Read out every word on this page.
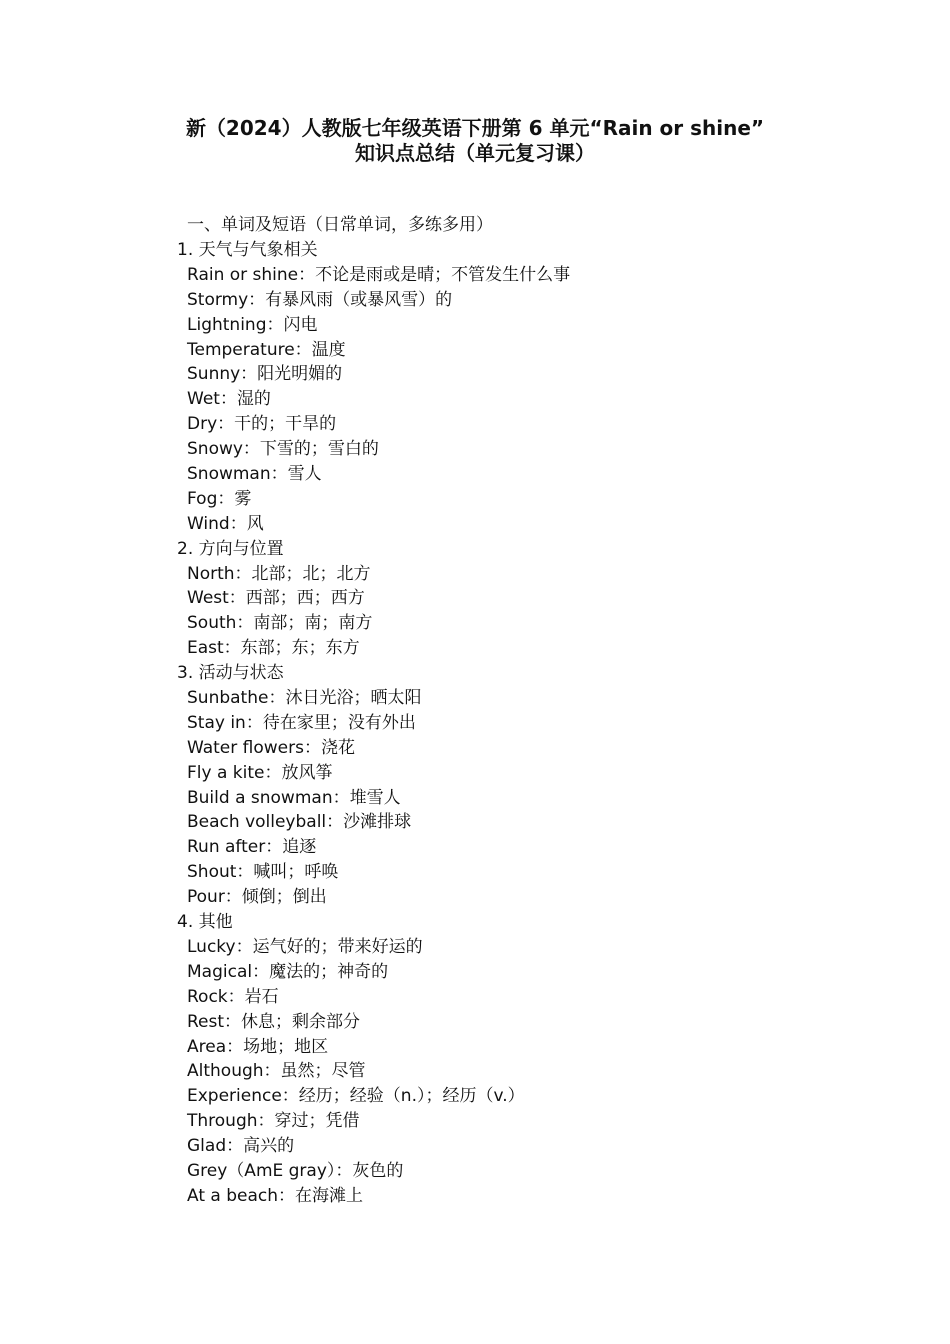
新（2024）人教版七年级英语下册第 6 单元“Rain or shine”
知识点总结（单元复习课）
一、单词及短语（日常单词，多练多用）
1. 天气与气象相关
Rain or shine：不论是雨或是晴；不管发生什么事
Stormy：有暴风雨（或暴风雪）的
Lightning：闪电
Temperature：温度
Sunny：阳光明媚的
Wet：湿的
Dry：干的；干旱的
Snowy：下雪的；雪白的
Snowman：雪人
Fog：雾
Wind：风
2. 方向与位置
North：北部；北；北方
West：西部；西；西方
South：南部；南；南方
East：东部；东；东方
3. 活动与状态
Sunbathe：沐日光浴；晒太阳
Stay in：待在家里；没有外出
Water flowers：浇花
Fly a kite：放风筝
Build a snowman：堆雪人
Beach volleyball：沙滩排球
Run after：追逐
Shout：喊叫；呼唤
Pour：倾倒；倒出
4. 其他
Lucky：运气好的；带来好运的
Magical：魔法的；神奇的
Rock：岩石
Rest：休息；剩余部分
Area：场地；地区
Although：虽然；尽管
Experience：经历；经验（n.）；经历（v.）
Through：穿过；凭借
Glad：高兴的
Grey（AmE gray）：灰色的
At a beach：在海滩上
